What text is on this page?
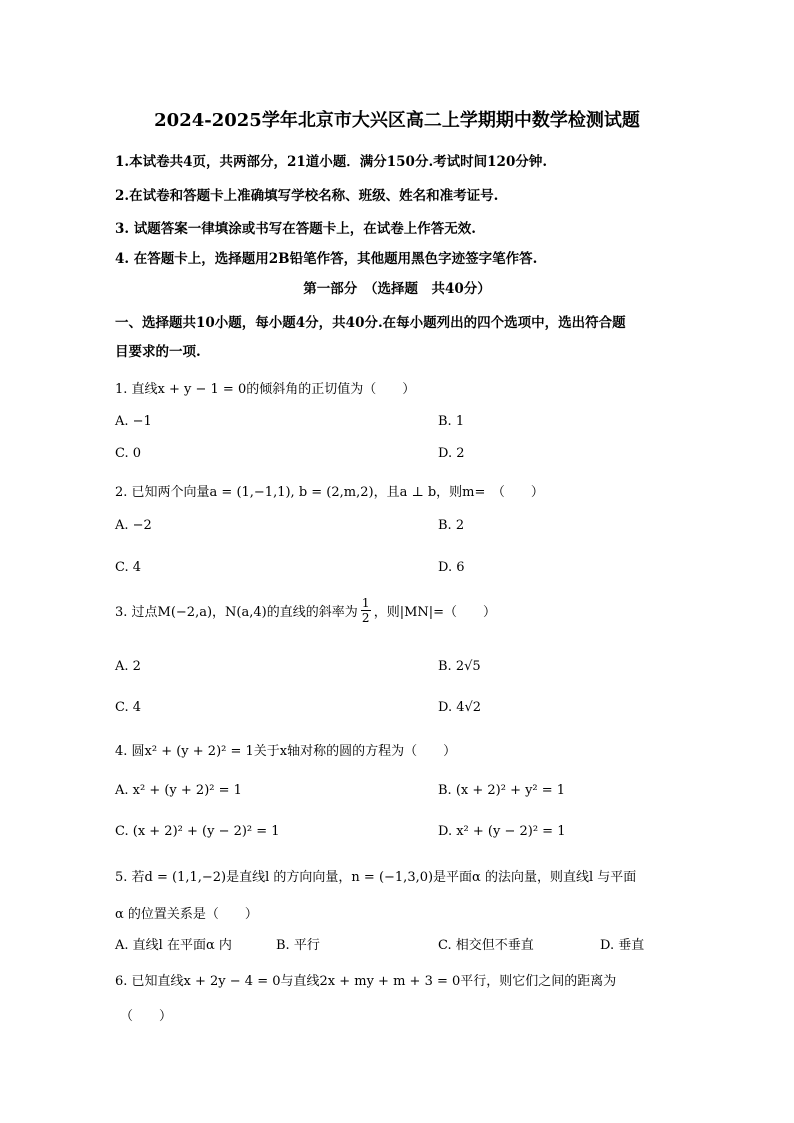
2024-2025学年北京市大兴区高二上学期期中数学检测试题
1.本试卷共4页，共两部分，21道小题．满分150分.考试时间120分钟.
2.在试卷和答题卡上准确填写学校名称、班级、姓名和准考证号.
3. 试题答案一律填涂或书写在答题卡上，在试卷上作答无效.
4. 在答题卡上，选择题用2B铅笔作答，其他题用黑色字迹签字笔作答.
第一部分　（选择题　共40分）
一、选择题共10小题，每小题4分，共40分.在每小题列出的四个选项中，选出符合题
目要求的一项.
1. 直线x + y − 1 = 0的倾斜角的正切值为（　　）
A. −1	B. 1
C. 0	D. 2
2. 已知两个向量a = (1,−1,1), b = (2,m,2)，且a ⊥ b，则m=　（　　）
A. −2	B. 2
C. 4	D. 6
3. 过点M(−2,a)，N(a,4)的直线的斜率为
1
2 ，则|MN|=（　　）
A. 2	B. 2√5
C. 4	D. 4√2
4. 圆x² + (y + 2)² = 1关于x轴对称的圆的方程为（　　）
A. x² + (y + 2)² = 1	B. (x + 2)² + y² = 1
C. (x + 2)² + (y − 2)² = 1	D. x² + (y − 2)² = 1
5. 若d = (1,1,−2)是直线l 的方向向量，n = (−1,3,0)是平面α 的法向量，则直线l 与平面
α 的位置关系是（　　）
A. 直线l 在平面α 内	B. 平行	C. 相交但不垂直	D. 垂直
6. 已知直线x + 2y − 4 = 0与直线2x + my + m + 3 = 0平行，则它们之间的距离为
（　　）
